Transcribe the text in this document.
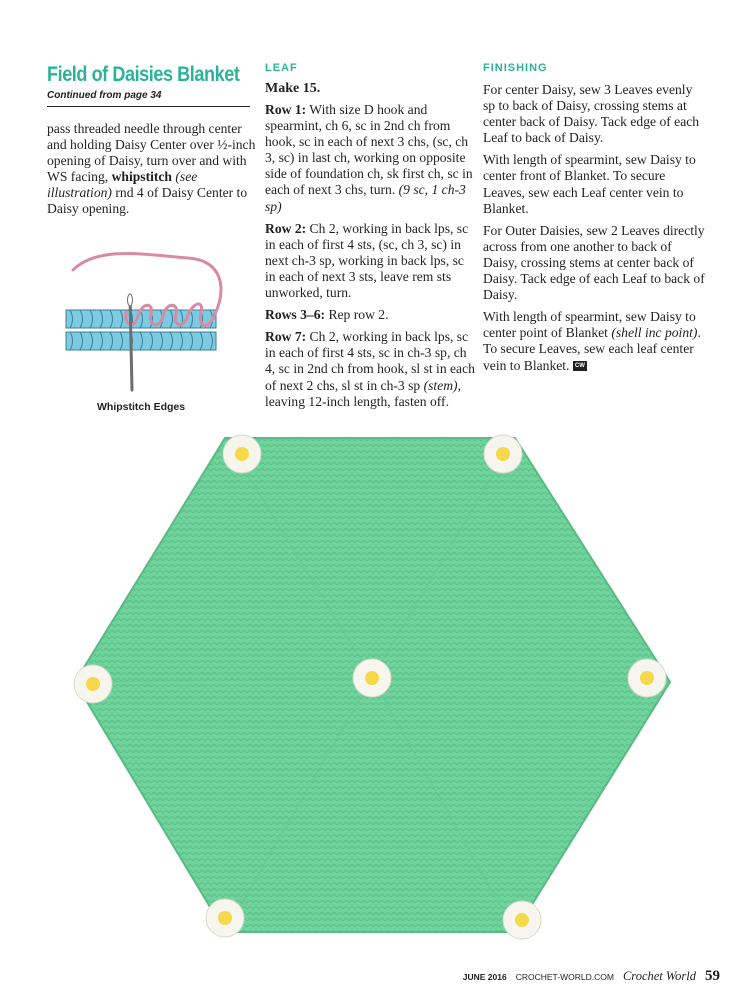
Field of Daisies Blanket
Continued from page 34
pass threaded needle through center and holding Daisy Center over ½-inch opening of Daisy, turn over and with WS facing, whipstitch (see illustration) rnd 4 of Daisy Center to Daisy opening.
Whipstitch Edges
LEAF
Make 15.

Row 1: With size D hook and spearmint, ch 6, sc in 2nd ch from hook, sc in each of next 3 chs, (sc, ch 3, sc) in last ch, working on opposite side of foundation ch, sk first ch, sc in each of next 3 chs, turn. (9 sc, 1 ch-3 sp)

Row 2: Ch 2, working in back lps, sc in each of first 4 sts, (sc, ch 3, sc) in next ch-3 sp, working in back lps, sc in each of next 3 sts, leave rem sts unworked, turn.

Rows 3–6: Rep row 2.

Row 7: Ch 2, working in back lps, sc in each of first 4 sts, sc in ch-3 sp, ch 4, sc in 2nd ch from hook, sl st in each of next 2 chs, sl st in ch-3 sp (stem), leaving 12-inch length, fasten off.

FINISHING

For center Daisy, sew 3 Leaves evenly sp to back of Daisy, crossing stems at center back of Daisy. Tack edge of each Leaf to back of Daisy.

With length of spearmint, sew Daisy to center front of Blanket. To secure Leaves, sew each Leaf center vein to Blanket.

For Outer Daisies, sew 2 Leaves directly across from one another to back of Daisy, crossing stems at center back of Daisy. Tack edge of each Leaf to back of Daisy.

With length of spearmint, sew Daisy to center point of Blanket (shell inc point). To secure Leaves, sew each leaf center vein to Blanket. CW

JUNE 2016 CROCHET-WORLD.COM Crochet World 59
